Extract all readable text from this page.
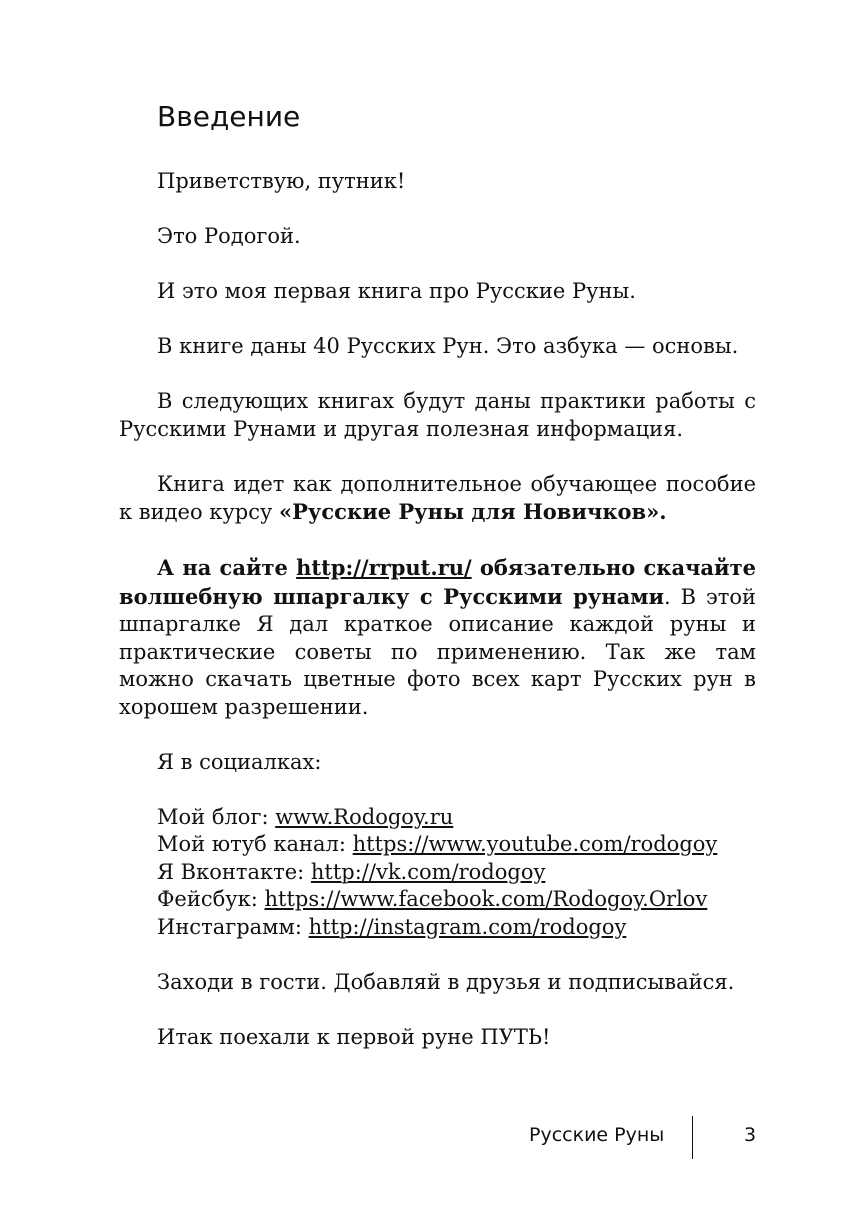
Введение

Приветствую, путник!

Это Родогой.

И это моя первая книга про Русские Руны.

В книге даны 40 Русских Рун. Это азбука — основы.

В следующих книгах будут даны практики работы с Русскими Рунами и другая полезная информация.

Книга идет как дополнительное обучающее пособие к видео курсу «Русские Руны для Новичков».

А на сайте http://rrput.ru/ обязательно скачайте волшебную шпаргалку с Русскими рунами. В этой шпаргалке Я дал краткое описание каждой руны и практические советы по применению. Так же там можно скачать цветные фото всех карт Русских рун в хорошем разрешении.

Я в социалках:

Мой блог: www.Rodogoy.ru

Мой ютуб канал: https://www.youtube.com/rodogoy

Я Вконтакте: http://vk.com/rodogoy

Фейсбук: https://www.facebook.com/Rodogoy.Orlov

Инстаграмм: http://instagram.com/rodogoy

Заходи в гости. Добавляй в друзья и подписывайся.

Итак поехали к первой руне ПУТЬ!

Русские Руны	3
